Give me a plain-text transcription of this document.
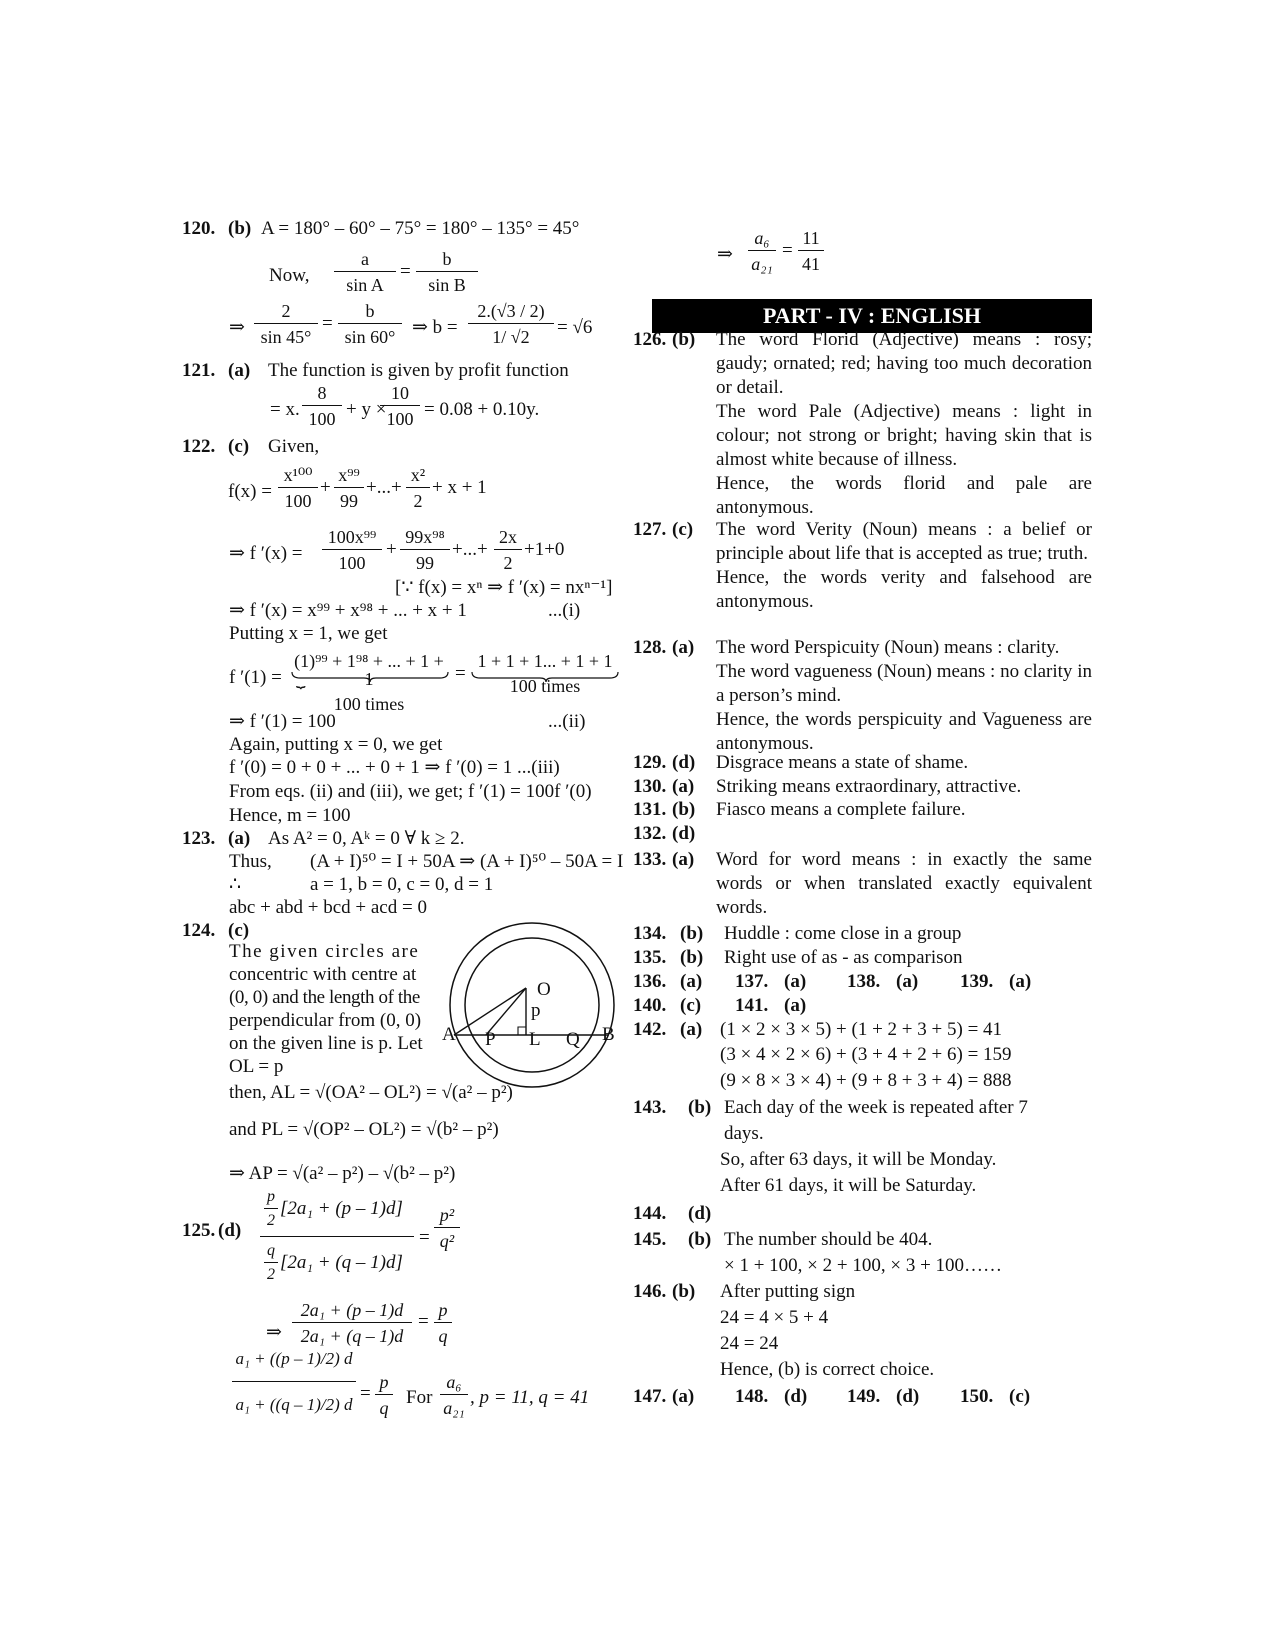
120. (b) A = 180° – 60° – 75° = 180° – 135° = 45°
Now, $\frac{a}{\text{sin A}} = \frac{b}{\text{sin B}}$
⇒ $\frac{2}{\sin 45^\circ} = \frac{b}{\sin 60^\circ}$ ⇒ $b = \frac{2.(√3 / 2)}{1/ √2} = √6$
121. (a) The function is given by profit function
= x. $\frac{8}{100} + y$ ×
$\frac{10}{100} = 0.08 + 0.10y$.
122. (c) Given,
$f(x) = \frac{\text{x¹⁰⁰}}{100} + \frac{\text{x⁹⁹}}{99}$ +...+ $\frac{\text{x²}}{2} + x + 1$
⇒ f $'(x) = \frac{\text{100x⁹⁹}}{100} + \frac{\text{99x⁹⁸}}{99}$ +...+ $\frac{2x}{2} +1+0$
[∵ f(x) = xⁿ ⇒ f ′(x) = nxⁿ⁻¹]
⇒ f ′(x) = x⁹⁹ + x⁹⁸ + ... + x + 1	...(i)
Putting x = 1, we get
f ′(1) =
(1)⁹⁹ + 1⁹⁸ + ... + 1 + 1
100 times
⏟	=
1 + 1 + 1... + 1 + 1
100 times
⇒ f ′(1) = 100	...(ii)
Again, putting x = 0, we get
f ′(0) = 0 + 0 + ... + 0 + 1 ⇒ f ′(0) = 1 ...(iii)
From eqs. (ii) and (iii), we get; f ′(1) = 100f ′(0)
Hence, m = 100
123. (a) As A² = 0, Aᵏ = 0 ∀ k ≥ 2.
Thus, (A + I)⁵⁰ = I + 50A ⇒ (A + I)⁵⁰ – 50A = I
∴	a = 1, b = 0, c = 0, d = 1
abc + abd + bcd + acd = 0
124. (c)
The given circles are
concentric with centre at
(0, 0) and the length of the
perpendicular from (0, 0)
on the given line is p. Let
OL = p
O
p
A P L Q B
then, AL = √(OA² – OL²) = √(a² – p²)
and PL = √(OP² – OL²) = √(b² – p²)
⇒ AP = √(a² – p²) – √(b² – p²)
125. (d)
$\frac{p}{2} [2a_1 + (p - 1)d]$
$\frac{q}{2} [2a_1 + (q - 1)d]$
= $\frac{\text{p²}}{\text{q²}}$
⇒ $\frac{\text{2a₁ + (p – 1)d}}{\text{2a₁ + (q – 1)d}} = \frac{p}{q}$
$\frac{\text{a₁ + ((p – 1)/2) d}}{\text{a₁ + ((q – 1)/2) d}} = \frac{p}{q}$ For $\frac{\text{a₆}}{\text{a₂₁}}$ , p = 11, q = 41
⇒ $\frac{\text{a₆}}{\text{a₂₁}} = \frac{11}{41}$
PART - IV : ENGLISH
126. (b) The word Florid (Adjective) means : rosy; gaudy; ornated; red; having too much decoration or detail.
The word Pale (Adjective) means : light in colour; not strong or bright; having skin that is almost white because of illness.
Hence, the words florid and pale are antonymous.
127. (c) The word Verity (Noun) means : a belief or principle about life that is accepted as true; truth.
Hence, the words verity and falsehood are antonymous.
128. (a) The word Perspicuity (Noun) means : clarity.
The word vagueness (Noun) means : no clarity in a person’s mind.
Hence, the words perspicuity and Vagueness are antonymous.
129. (d) Disgrace means a state of shame.
130. (a) Striking means extraordinary, attractive.
131. (b) Fiasco means a complete failure.
132. (d)
133. (a) Word for word means : in exactly the same words or when translated exactly equivalent words.
134. (b) Huddle : come close in a group
135. (b) Right use of as - as comparison
136. (a) 137. (a) 138. (a) 139. (a)
140. (c) 141. (a)
142. (a) (1 × 2 × 3 × 5) + (1 + 2 + 3 + 5) = 41
(3 × 4 × 2 × 6) + (3 + 4 + 2 + 6) = 159
(9 × 8 × 3 × 4) + (9 + 8 + 3 + 4) = 888
143. (b) Each day of the week is repeated after 7
days.
So, after 63 days, it will be Monday.
After 61 days, it will be Saturday.
144. (d)
145. (b) The number should be 404.
× 1 + 100, × 2 + 100, × 3 + 100……
146. (b) After putting sign
24 = 4 × 5 + 4
24 = 24
Hence, (b) is correct choice.
147. (a) 148. (d) 149. (d) 150. (c)
